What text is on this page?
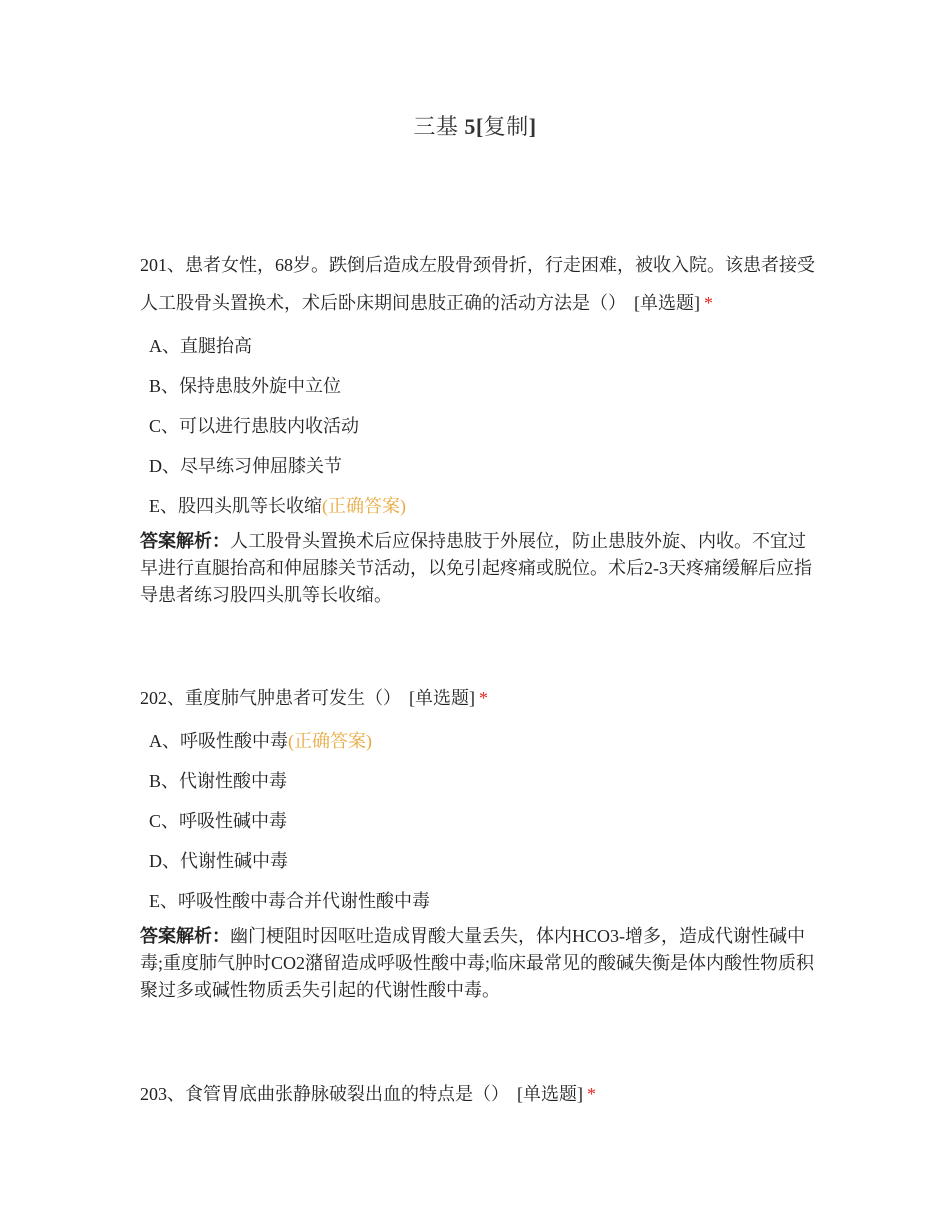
三基 5[复制]

201、患者女性，68岁。跌倒后造成左股骨颈骨折，行走困难，被收入院。该患者接受人工股骨头置换术，术后卧床期间患肢正确的活动方法是（） [单选题] *

A、直腿抬高
B、保持患肢外旋中立位
C、可以进行患肢内收活动
D、尽早练习伸屈膝关节
E、股四头肌等长收缩(正确答案)
答案解析：人工股骨头置换术后应保持患肢于外展位，防止患肢外旋、内收。不宜过早进行直腿抬高和伸屈膝关节活动，以免引起疼痛或脱位。术后2-3天疼痛缓解后应指导患者练习股四头肌等长收缩。

202、重度肺气肿患者可发生（） [单选题] *

A、呼吸性酸中毒(正确答案)
B、代谢性酸中毒
C、呼吸性碱中毒
D、代谢性碱中毒
E、呼吸性酸中毒合并代谢性酸中毒
答案解析：幽门梗阻时因呕吐造成胃酸大量丢失，体内HCO3-增多，造成代谢性碱中毒;重度肺气肿时CO2潴留造成呼吸性酸中毒;临床最常见的酸碱失衡是体内酸性物质积聚过多或碱性物质丢失引起的代谢性酸中毒。

203、食管胃底曲张静脉破裂出血的特点是（） [单选题] *
